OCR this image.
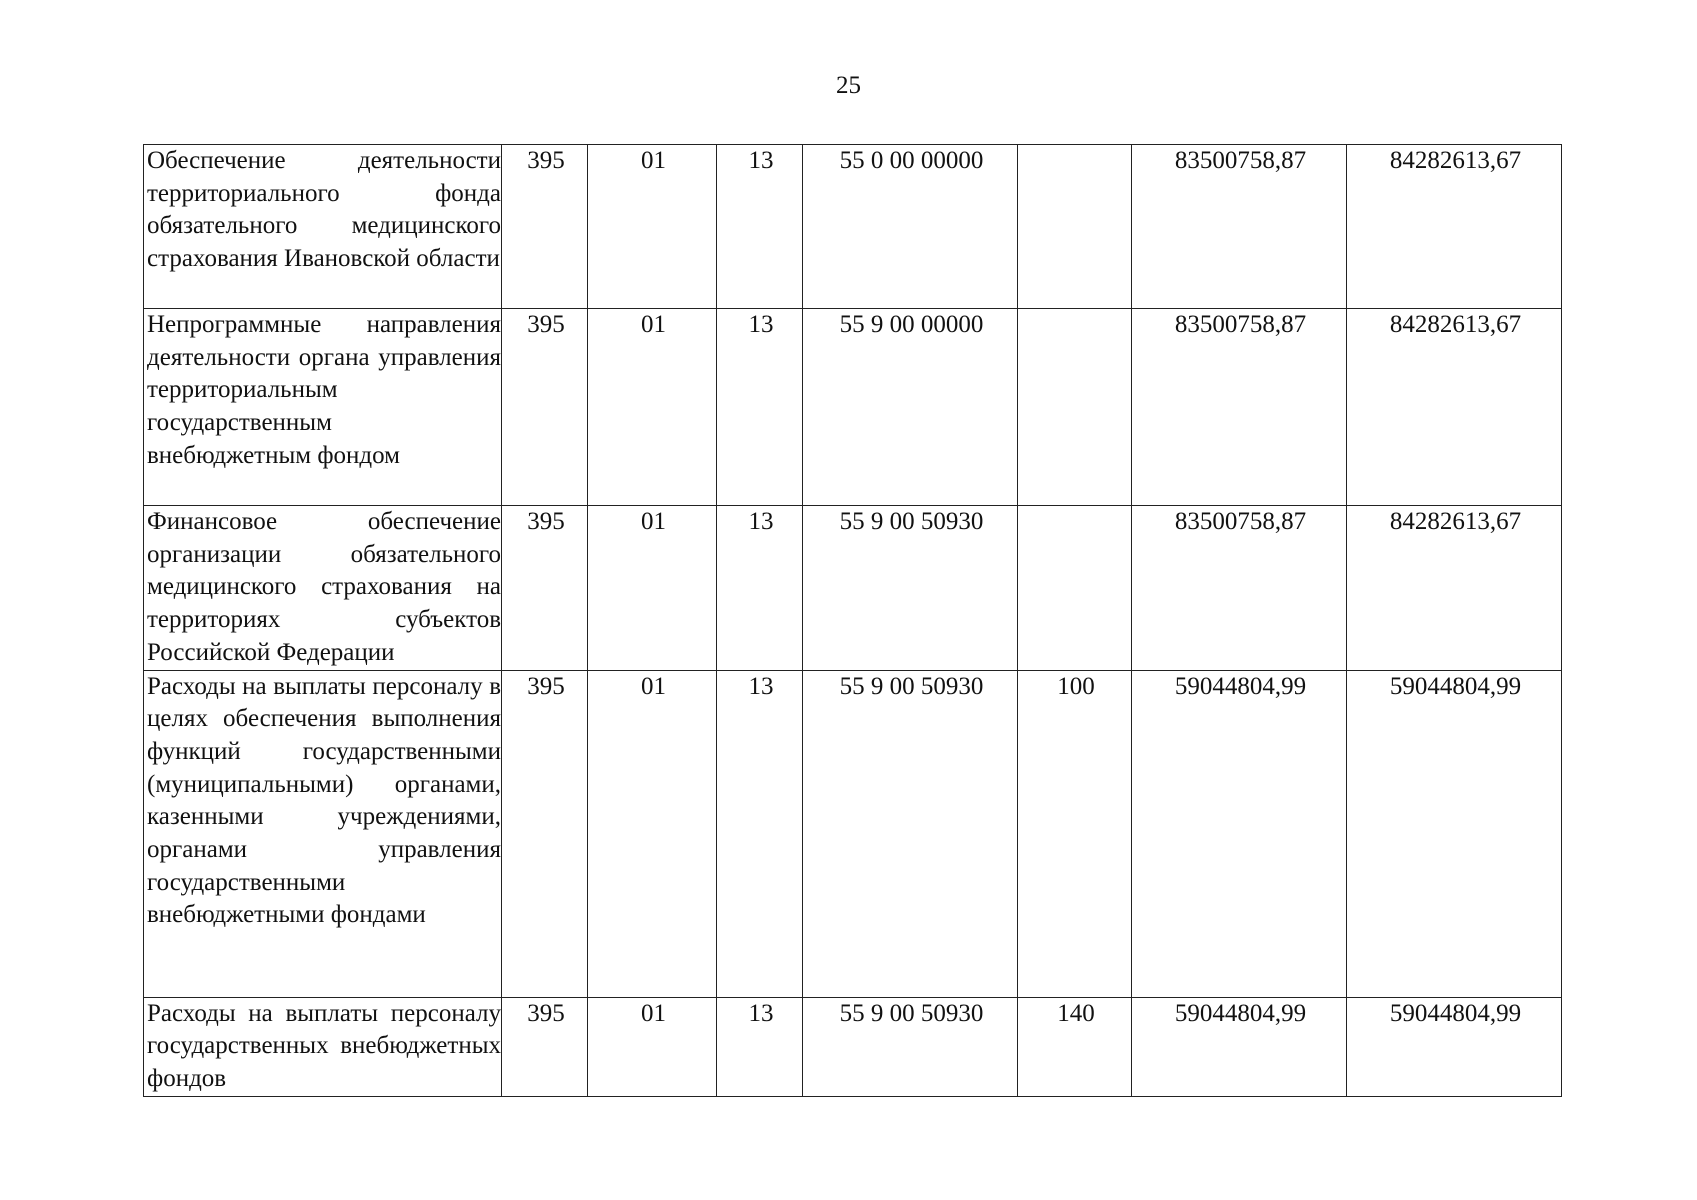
25
Обеспечение деятельности территориального фонда обязательного медицинского страхования Ивановской области	395	01	13	55 0 00 00000		83500758,87	84282613,67
Непрограммные направления деятельности органа управления территориальным государственным внебюджетным фондом	395	01	13	55 9 00 00000		83500758,87	84282613,67
Финансовое обеспечение организации обязательного медицинского страхования на территориях субъектов Российской Федерации	395	01	13	55 9 00 50930		83500758,87	84282613,67
Расходы на выплаты персоналу в целях обеспечения выполнения функций государственными (муниципальными) органами, казенными учреждениями, органами управления государственными внебюджетными фондами	395	01	13	55 9 00 50930	100	59044804,99	59044804,99
Расходы на выплаты персоналу государственных внебюджетных фондов	395	01	13	55 9 00 50930	140	59044804,99	59044804,99
